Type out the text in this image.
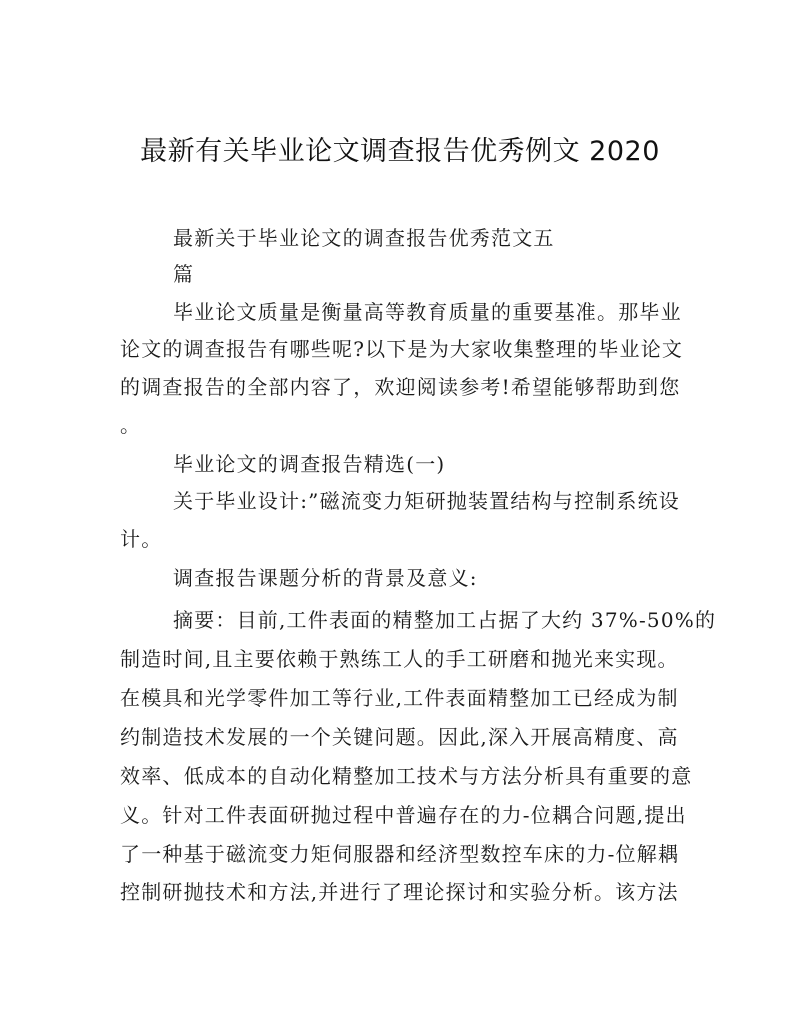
最新有关毕业论文调查报告优秀例文 2020
最新关于毕业论文的调查报告优秀范文五
篇
毕业论文质量是衡量高等教育质量的重要基准。那毕业
论文的调查报告有哪些呢?以下是为大家收集整理的毕业论文
的调查报告的全部内容了，欢迎阅读参考!希望能够帮助到您
。
毕业论文的调查报告精选(一)
关于毕业设计:”磁流变力矩研抛装置结构与控制系统设
计。
调查报告课题分析的背景及意义:
摘要：目前,工件表面的精整加工占据了大约 37%-50%的
制造时间,且主要依赖于熟练工人的手工研磨和抛光来实现。
在模具和光学零件加工等行业,工件表面精整加工已经成为制
约制造技术发展的一个关键问题。因此,深入开展高精度、高
效率、低成本的自动化精整加工技术与方法分析具有重要的意
义。针对工件表面研抛过程中普遍存在的力-位耦合问题,提出
了一种基于磁流变力矩伺服器和经济型数控车床的力-位解耦
控制研抛技术和方法,并进行了理论探讨和实验分析。该方法
